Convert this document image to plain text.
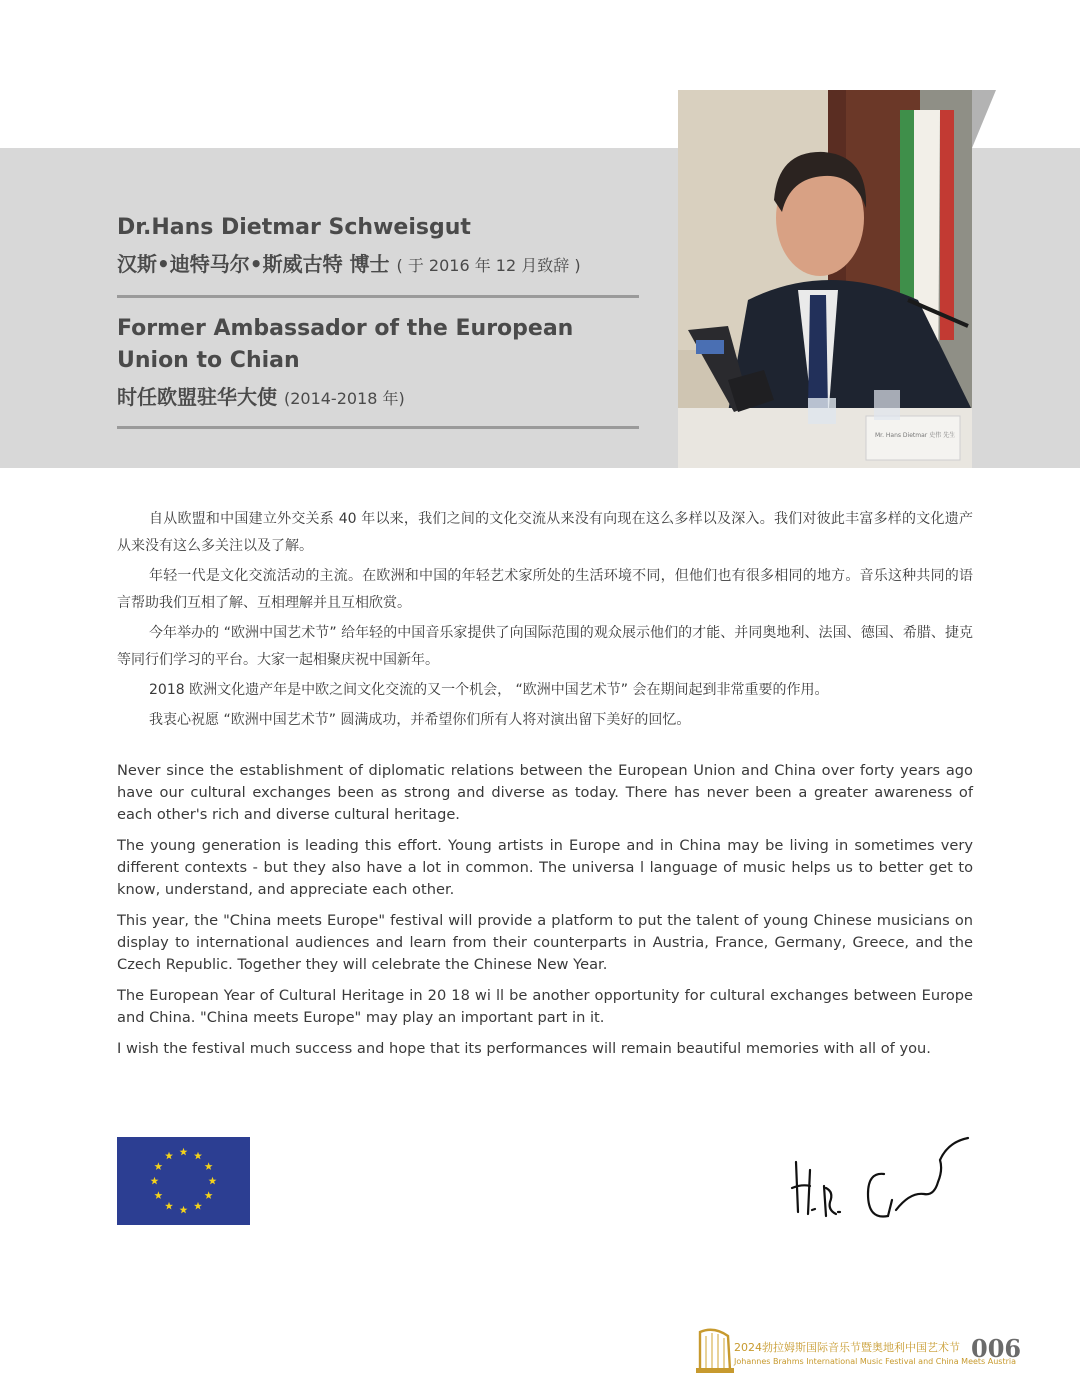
Mr. Hans Dietmar 史伟 先生
Dr.Hans Dietmar Schweisgut
汉斯•迪特马尔•斯威古特 博士 ( 于 2016 年 12 月致辞 )
Former Ambassador of the European Union to Chian
时任欧盟驻华大使 (2014-2018 年)

自从欧盟和中国建立外交关系 40 年以来，我们之间的文化交流从来没有向现在这么多样以及深入。我们对彼此丰富多样的文化遗产从来没有这么多关注以及了解。

年轻一代是文化交流活动的主流。在欧洲和中国的年轻艺术家所处的生活环境不同，但他们也有很多相同的地方。音乐这种共同的语言帮助我们互相了解、互相理解并且互相欣赏。

今年举办的 “欧洲中国艺术节” 给年轻的中国音乐家提供了向国际范围的观众展示他们的才能、并同奥地利、法国、德国、希腊、捷克等同行们学习的平台。大家一起相聚庆祝中国新年。

2018 欧洲文化遗产年是中欧之间文化交流的又一个机会， “欧洲中国艺术节” 会在期间起到非常重要的作用。

我衷心祝愿 “欧洲中国艺术节” 圆满成功，并希望你们所有人将对演出留下美好的回忆。

Never since the establishment of diplomatic relations between the European Union and China over forty years ago have our cultural exchanges been as strong and diverse as today. There has never been a greater awareness of each other's rich and diverse cultural heritage.

The young generation is leading this effort. Young artists in Europe and in China may be living in sometimes very different contexts - but they also have a lot in common. The universa l language of music helps us to better get to know, understand, and appreciate each other.

This year, the "China meets Europe" festival will provide a platform to put the talent of young Chinese musicians on display to international audiences and learn from their counterparts in Austria, France, Germany, Greece, and the Czech Republic. Together they will celebrate the Chinese New Year.

The European Year of Cultural Heritage in 20 18 wi ll be another opportunity for cultural exchanges between Europe and China. "China meets Europe" may play an important part in it.

I wish the festival much success and hope that its performances will remain beautiful memories with all of you.

2024勃拉姆斯国际音乐节暨奥地利中国艺术节
Johannes Brahms International Music Festival and China Meets Austria
006
